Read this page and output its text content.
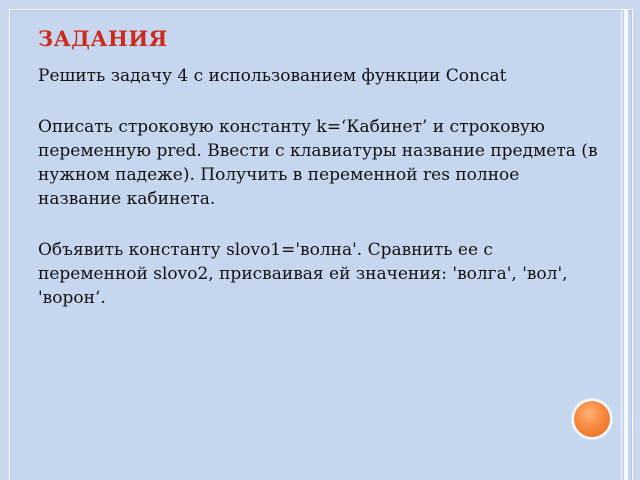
ЗАДАНИЯ

Решить задачу 4 с использованием функции Concat

Описать строковую константу k=‘Кабинет’ и строковую переменную pred. Ввести с клавиатуры название предмета (в нужном падеже). Получить в переменной res полное название кабинета.

Объявить константу slovo1='волна'. Сравнить ее с переменной slovo2, присваивая ей значения: 'волга', 'вол', 'ворон‘.
